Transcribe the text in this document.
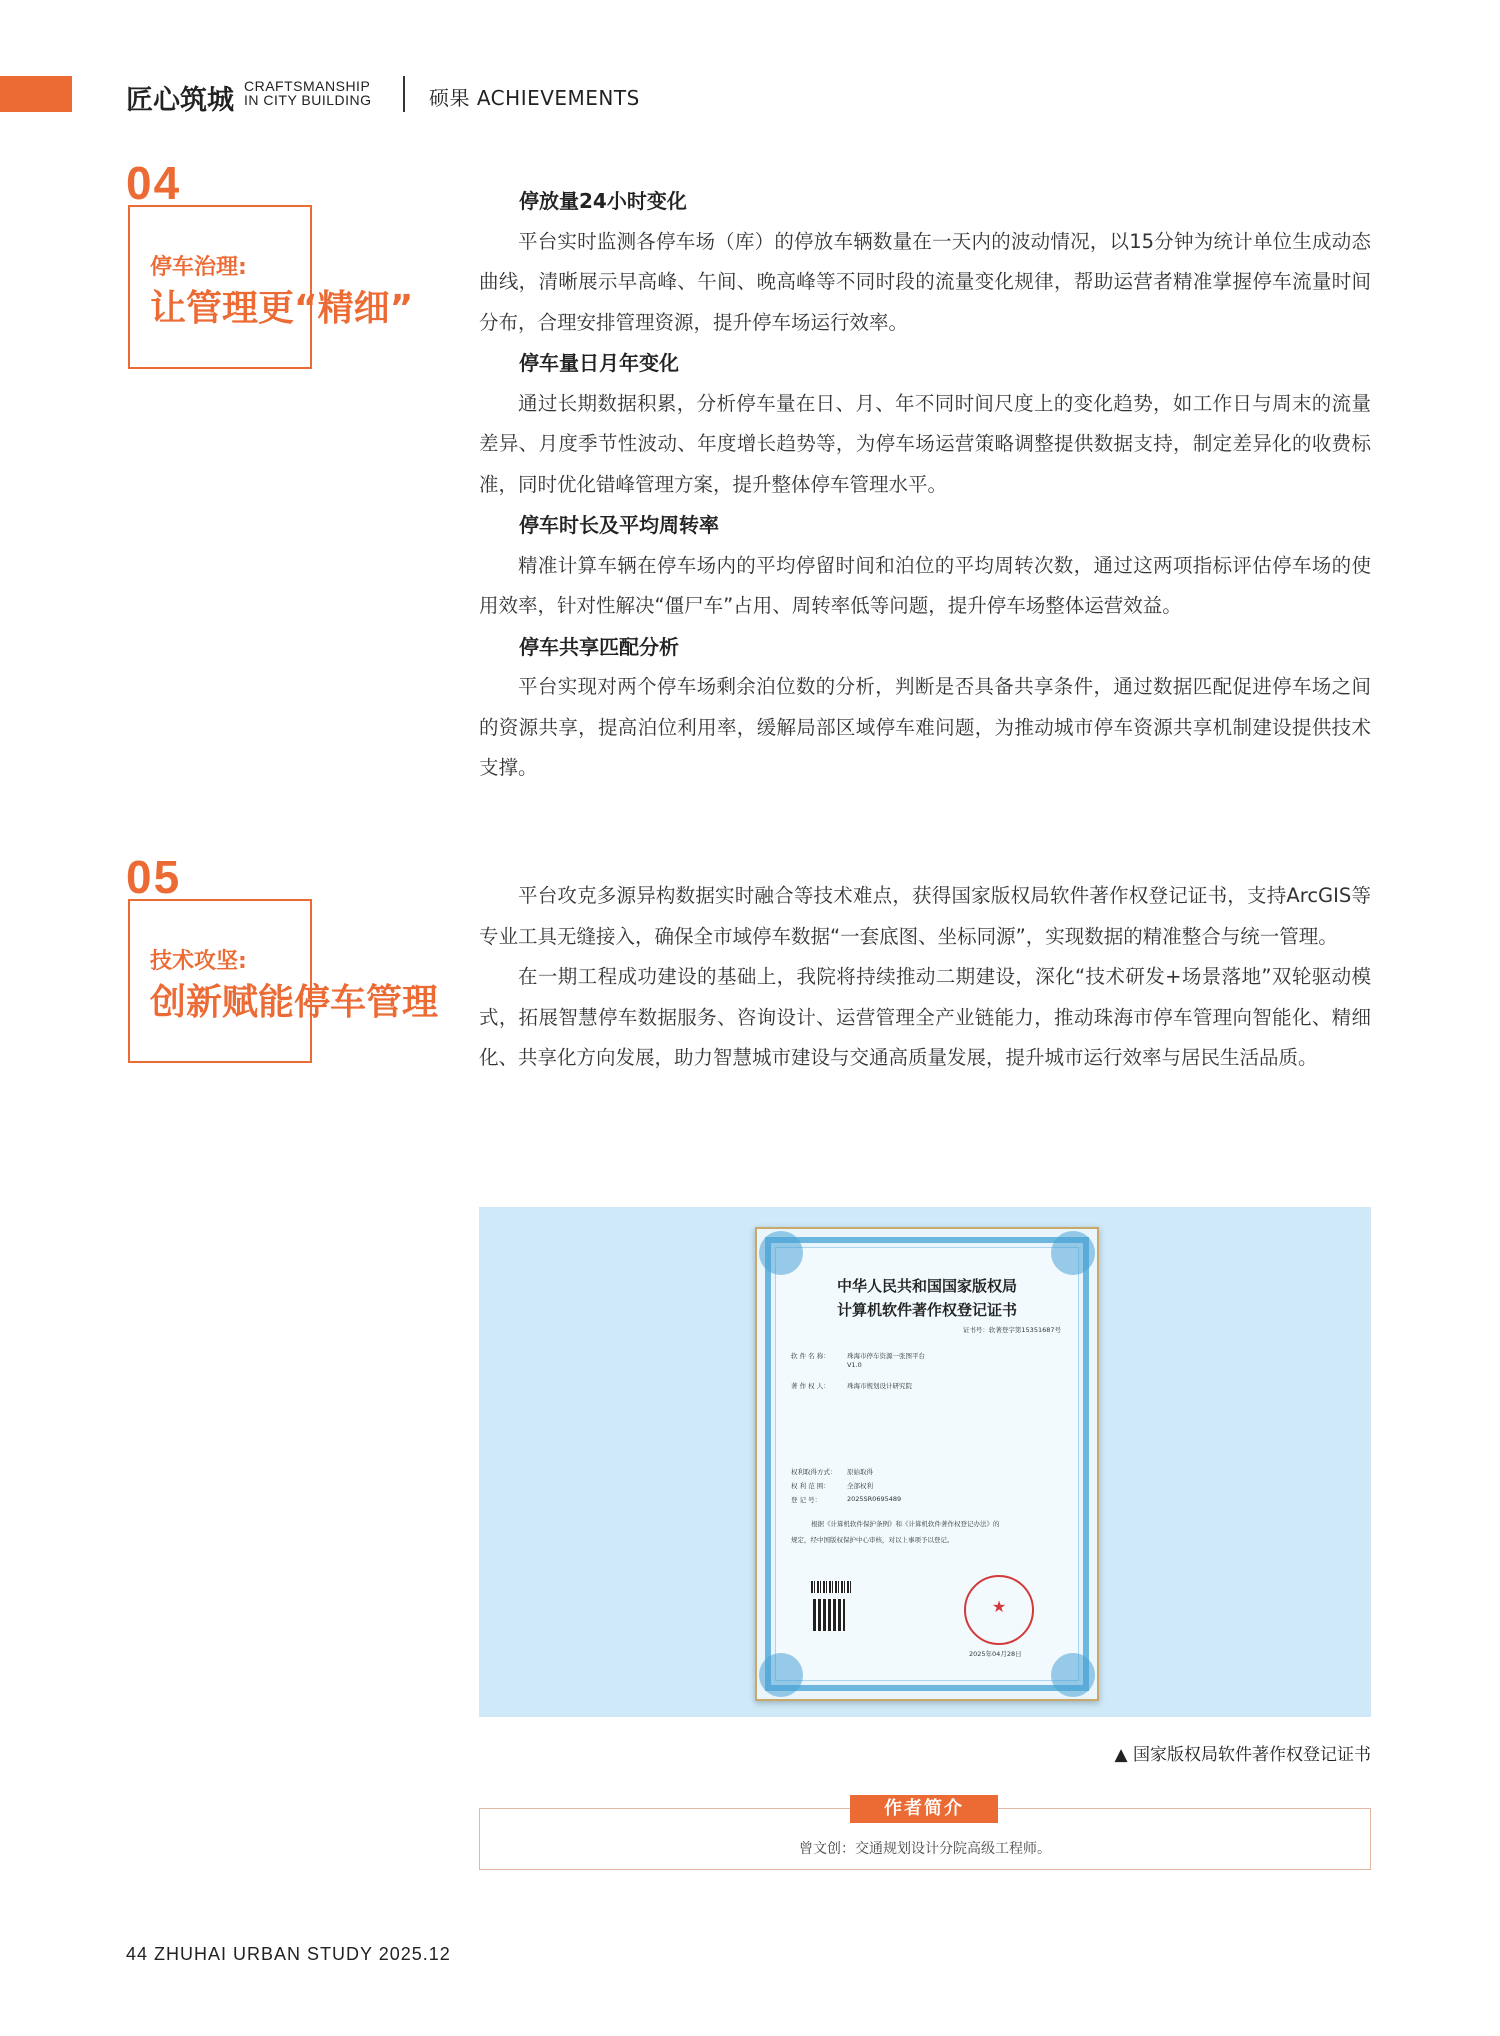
匠心筑城 CRAFTSMANSHIP
IN CITY BUILDING	硕果 ACHIEVEMENTS
04
停车治理:
让管理更“精细”
停放量24小时变化

平台实时监测各停车场（库）的停放车辆数量在一天内的波动情况，以15分钟为统计单位生成动态曲线，清晰展示早高峰、午间、晚高峰等不同时段的流量变化规律，帮助运营者精准掌握停车流量时间分布，合理安排管理资源，提升停车场运行效率。

停车量日月年变化

通过长期数据积累，分析停车量在日、月、年不同时间尺度上的变化趋势，如工作日与周末的流量差异、月度季节性波动、年度增长趋势等，为停车场运营策略调整提供数据支持，制定差异化的收费标准，同时优化错峰管理方案，提升整体停车管理水平。

停车时长及平均周转率

精准计算车辆在停车场内的平均停留时间和泊位的平均周转次数，通过这两项指标评估停车场的使用效率，针对性解决“僵尸车”占用、周转率低等问题，提升停车场整体运营效益。

停车共享匹配分析

平台实现对两个停车场剩余泊位数的分析，判断是否具备共享条件，通过数据匹配促进停车场之间的资源共享，提高泊位利用率，缓解局部区域停车难问题，为推动城市停车资源共享机制建设提供技术支撑。

05
技术攻坚:
创新赋能停车管理

平台攻克多源异构数据实时融合等技术难点，获得国家版权局软件著作权登记证书，支持ArcGIS等专业工具无缝接入，确保全市域停车数据“一套底图、坐标同源”，实现数据的精准整合与统一管理。

在一期工程成功建设的基础上，我院将持续推动二期建设，深化“技术研发+场景落地”双轮驱动模式，拓展智慧停车数据服务、咨询设计、运营管理全产业链能力，推动珠海市停车管理向智能化、精细化、共享化方向发展，助力智慧城市建设与交通高质量发展，提升城市运行效率与居民生活品质。

中华人民共和国国家版权局
计算机软件著作权登记证书
证书号：软著登字第15351687号
软 件 名 称：	珠海市停车资源一张图平台
V1.0
著 作 权 人：	珠海市规划设计研究院
权利取得方式： 原始取得
权 利 范 围：	全部权利
登 记 号：	2025SR0695489
根据《计算机软件保护条例》和《计算机软件著作权登记办法》的
规定，经中国版权保护中心审核，对以上事项予以登记。
★
2025年04月28日
▲ 国家版权局软件著作权登记证书
作者简介
曾文创：交通规划设计分院高级工程师。
44 ZHUHAI URBAN STUDY 2025.12
